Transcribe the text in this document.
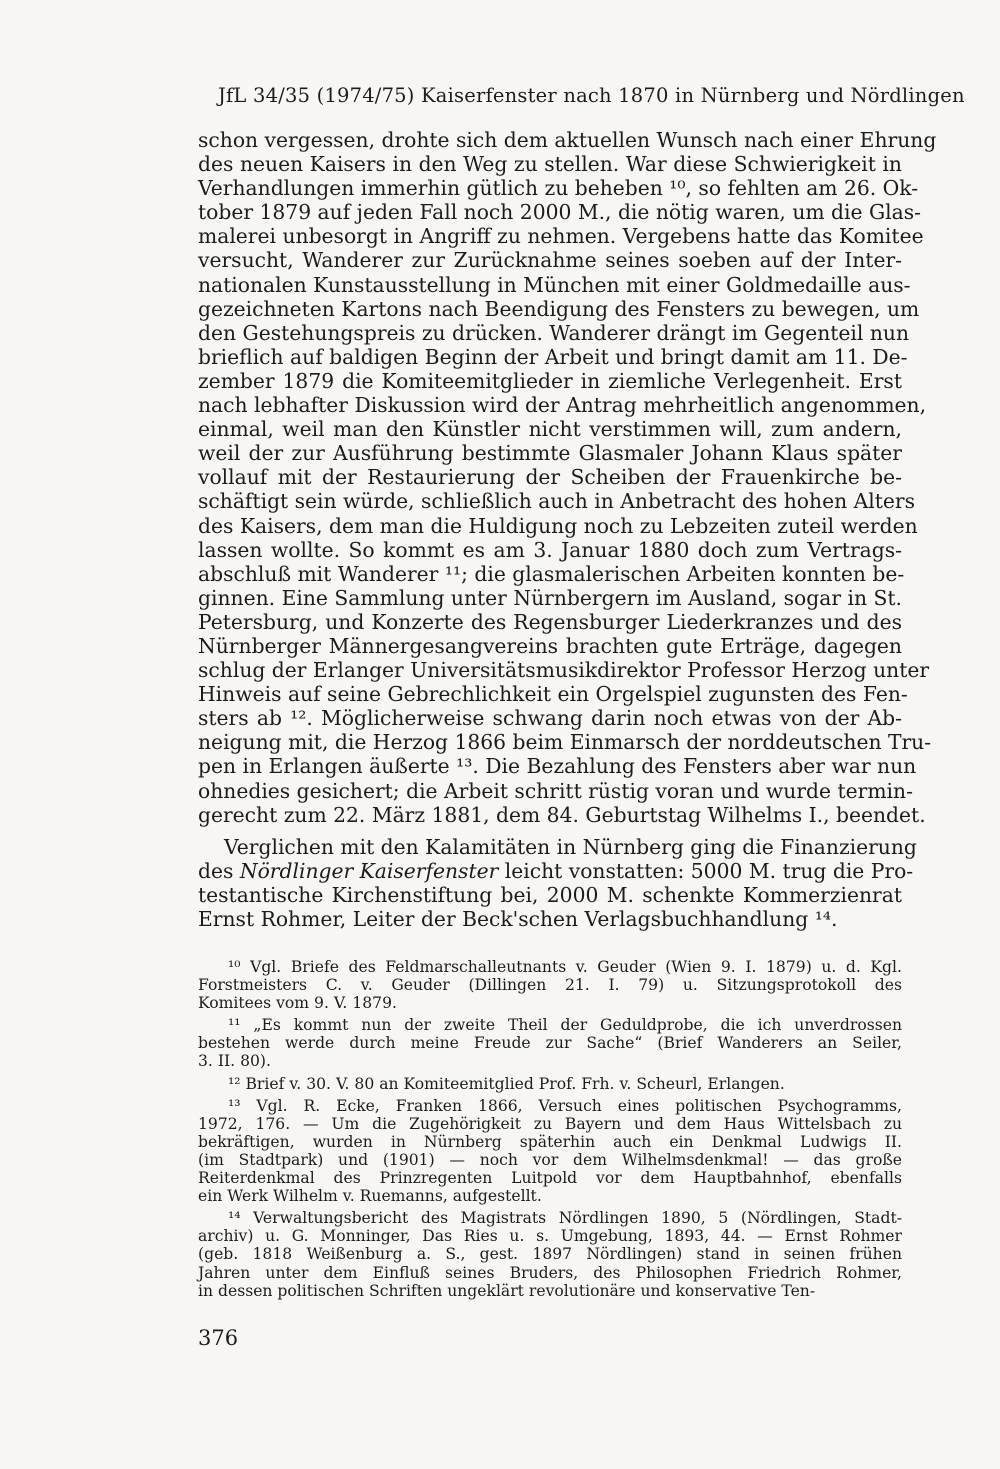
JfL 34/35 (1974/75) Kaiserfenster nach 1870 in Nürnberg und Nördlingen
schon vergessen, drohte sich dem aktuellen Wunsch nach einer Ehrung
des neuen Kaisers in den Weg zu stellen. War diese Schwierigkeit in
Verhandlungen immerhin gütlich zu beheben ¹⁰, so fehlten am 26. Ok-
tober 1879 auf jeden Fall noch 2000 M., die nötig waren, um die Glas-
malerei unbesorgt in Angriff zu nehmen. Vergebens hatte das Komitee
versucht, Wanderer zur Zurücknahme seines soeben auf der Inter-
nationalen Kunstausstellung in München mit einer Goldmedaille aus-
gezeichneten Kartons nach Beendigung des Fensters zu bewegen, um
den Gestehungspreis zu drücken. Wanderer drängt im Gegenteil nun
brieflich auf baldigen Beginn der Arbeit und bringt damit am 11. De-
zember 1879 die Komiteemitglieder in ziemliche Verlegenheit. Erst
nach lebhafter Diskussion wird der Antrag mehrheitlich angenommen,
einmal, weil man den Künstler nicht verstimmen will, zum andern,
weil der zur Ausführung bestimmte Glasmaler Johann Klaus später
vollauf mit der Restaurierung der Scheiben der Frauenkirche be-
schäftigt sein würde, schließlich auch in Anbetracht des hohen Alters
des Kaisers, dem man die Huldigung noch zu Lebzeiten zuteil werden
lassen wollte. So kommt es am 3. Januar 1880 doch zum Vertrags-
abschluß mit Wanderer ¹¹; die glasmalerischen Arbeiten konnten be-
ginnen. Eine Sammlung unter Nürnbergern im Ausland, sogar in St.
Petersburg, und Konzerte des Regensburger Liederkranzes und des
Nürnberger Männergesangvereins brachten gute Erträge, dagegen
schlug der Erlanger Universitätsmusikdirektor Professor Herzog unter
Hinweis auf seine Gebrechlichkeit ein Orgelspiel zugunsten des Fen-
sters ab ¹². Möglicherweise schwang darin noch etwas von der Ab-
neigung mit, die Herzog 1866 beim Einmarsch der norddeutschen Tru-
pen in Erlangen äußerte ¹³. Die Bezahlung des Fensters aber war nun
ohnedies gesichert; die Arbeit schritt rüstig voran und wurde termin-
gerecht zum 22. März 1881, dem 84. Geburtstag Wilhelms I., beendet.
Verglichen mit den Kalamitäten in Nürnberg ging die Finanzierung
des Nördlinger Kaiserfenster leicht vonstatten: 5000 M. trug die Pro-
testantische Kirchenstiftung bei, 2000 M. schenkte Kommerzienrat
Ernst Rohmer, Leiter der Beck'schen Verlagsbuchhandlung ¹⁴.
¹⁰ Vgl. Briefe des Feldmarschalleutnants v. Geuder (Wien 9. I. 1879) u. d. Kgl.
Forstmeisters C. v. Geuder (Dillingen 21. I. 79) u. Sitzungsprotokoll des
Komitees vom 9. V. 1879.
¹¹ „Es kommt nun der zweite Theil der Geduldprobe, die ich unverdrossen
bestehen werde durch meine Freude zur Sache“ (Brief Wanderers an Seiler,
3. II. 80).
¹² Brief v. 30. V. 80 an Komiteemitglied Prof. Frh. v. Scheurl, Erlangen.
¹³ Vgl. R. Ecke, Franken 1866, Versuch eines politischen Psychogramms,
1972, 176. — Um die Zugehörigkeit zu Bayern und dem Haus Wittelsbach zu
bekräftigen, wurden in Nürnberg späterhin auch ein Denkmal Ludwigs II.
(im Stadtpark) und (1901) — noch vor dem Wilhelmsdenkmal! — das große
Reiterdenkmal des Prinzregenten Luitpold vor dem Hauptbahnhof, ebenfalls
ein Werk Wilhelm v. Ruemanns, aufgestellt.
¹⁴ Verwaltungsbericht des Magistrats Nördlingen 1890, 5 (Nördlingen, Stadt-
archiv) u. G. Monninger, Das Ries u. s. Umgebung, 1893, 44. — Ernst Rohmer
(geb. 1818 Weißenburg a. S., gest. 1897 Nördlingen) stand in seinen frühen
Jahren unter dem Einfluß seines Bruders, des Philosophen Friedrich Rohmer,
in dessen politischen Schriften ungeklärt revolutionäre und konservative Ten-
376
